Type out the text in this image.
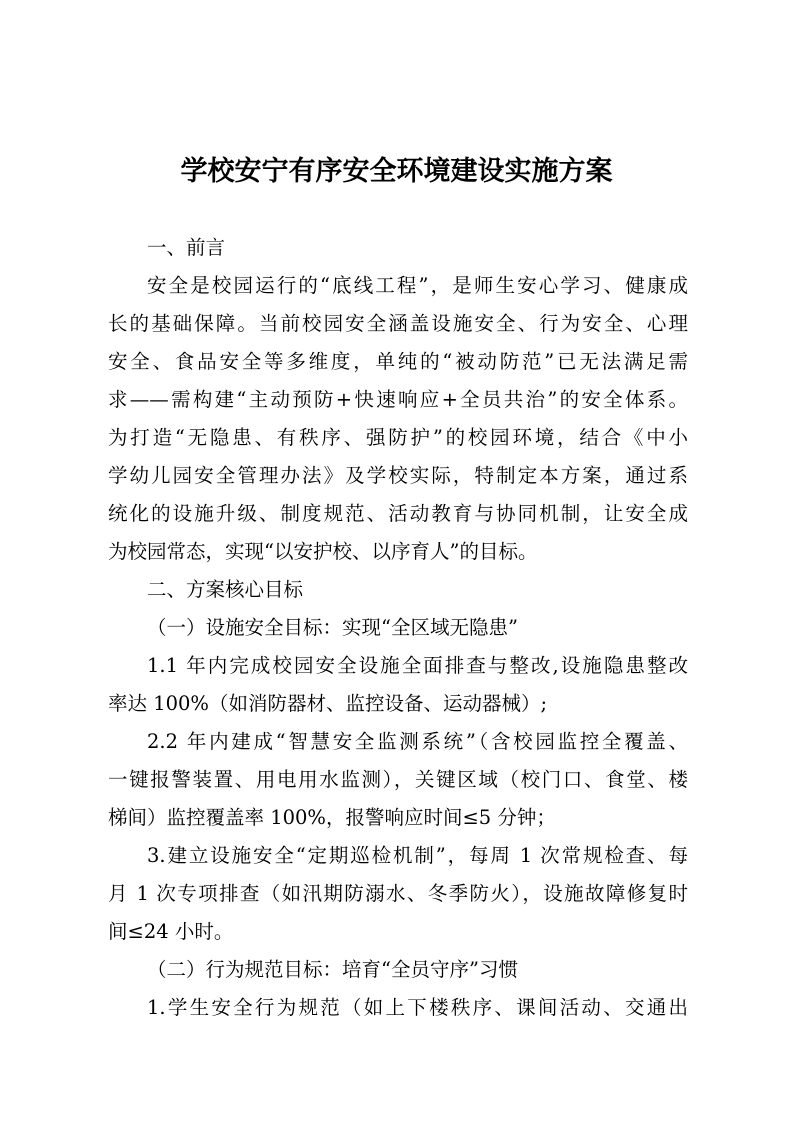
学校安宁有序安全环境建设实施方案
一、前言
安全是校园运行的“底线工程”，是师生安心学习、健康成
长的基础保障。当前校园安全涵盖设施安全、行为安全、心理
安全、食品安全等多维度，单纯的“被动防范”已无法满足需
求——需构建“主动预防+快速响应+全员共治”的安全体系。
为打造“无隐患、有秩序、强防护”的校园环境，结合《中小
学幼儿园安全管理办法》及学校实际，特制定本方案，通过系
统化的设施升级、制度规范、活动教育与协同机制，让安全成
为校园常态，实现“以安护校、以序育人”的目标。
二、方案核心目标
（一）设施安全目标：实现“全区域无隐患”
1.1 年内完成校园安全设施全面排查与整改,设施隐患整改
率达 100%（如消防器材、监控设备、运动器械）;
2.2 年内建成“智慧安全监测系统”（含校园监控全覆盖、
一键报警装置、用电用水监测），关键区域（校门口、食堂、楼
梯间）监控覆盖率 100%，报警响应时间≤5 分钟；
3.建立设施安全“定期巡检机制”，每周 1 次常规检查、每
月 1 次专项排查（如汛期防溺水、冬季防火），设施故障修复时
间≤24 小时。
（二）行为规范目标：培育“全员守序”习惯
1.学生安全行为规范（如上下楼秩序、课间活动、交通出
